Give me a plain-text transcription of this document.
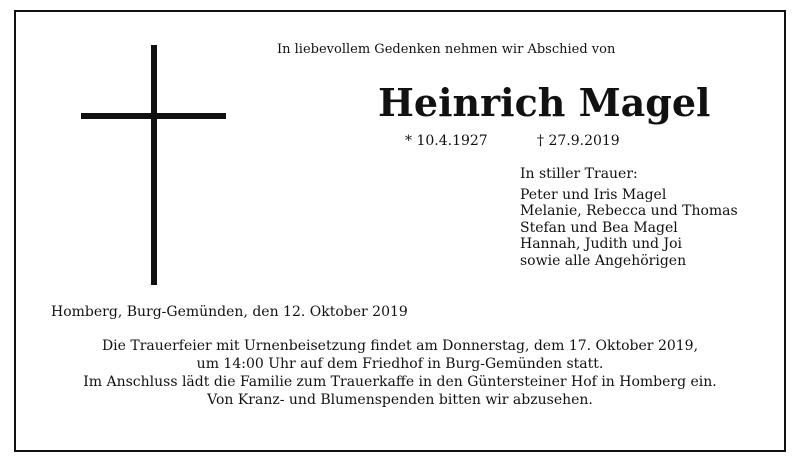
In liebevollem Gedenken nehmen wir Abschied von
Heinrich Magel
* 10.4.1927	† 27.9.2019
In stiller Trauer:
Peter und Iris Magel
Melanie, Rebecca und Thomas
Stefan und Bea Magel
Hannah, Judith und Joi
sowie alle Angehörigen
Homberg, Burg-Gemünden, den 12. Oktober 2019
Die Trauerfeier mit Urnenbeisetzung findet am Donnerstag, dem 17. Oktober 2019,
um 14:00 Uhr auf dem Friedhof in Burg-Gemünden statt.
Im Anschluss lädt die Familie zum Trauerkaffe in den Güntersteiner Hof in Homberg ein.
Von Kranz- und Blumenspenden bitten wir abzusehen.
